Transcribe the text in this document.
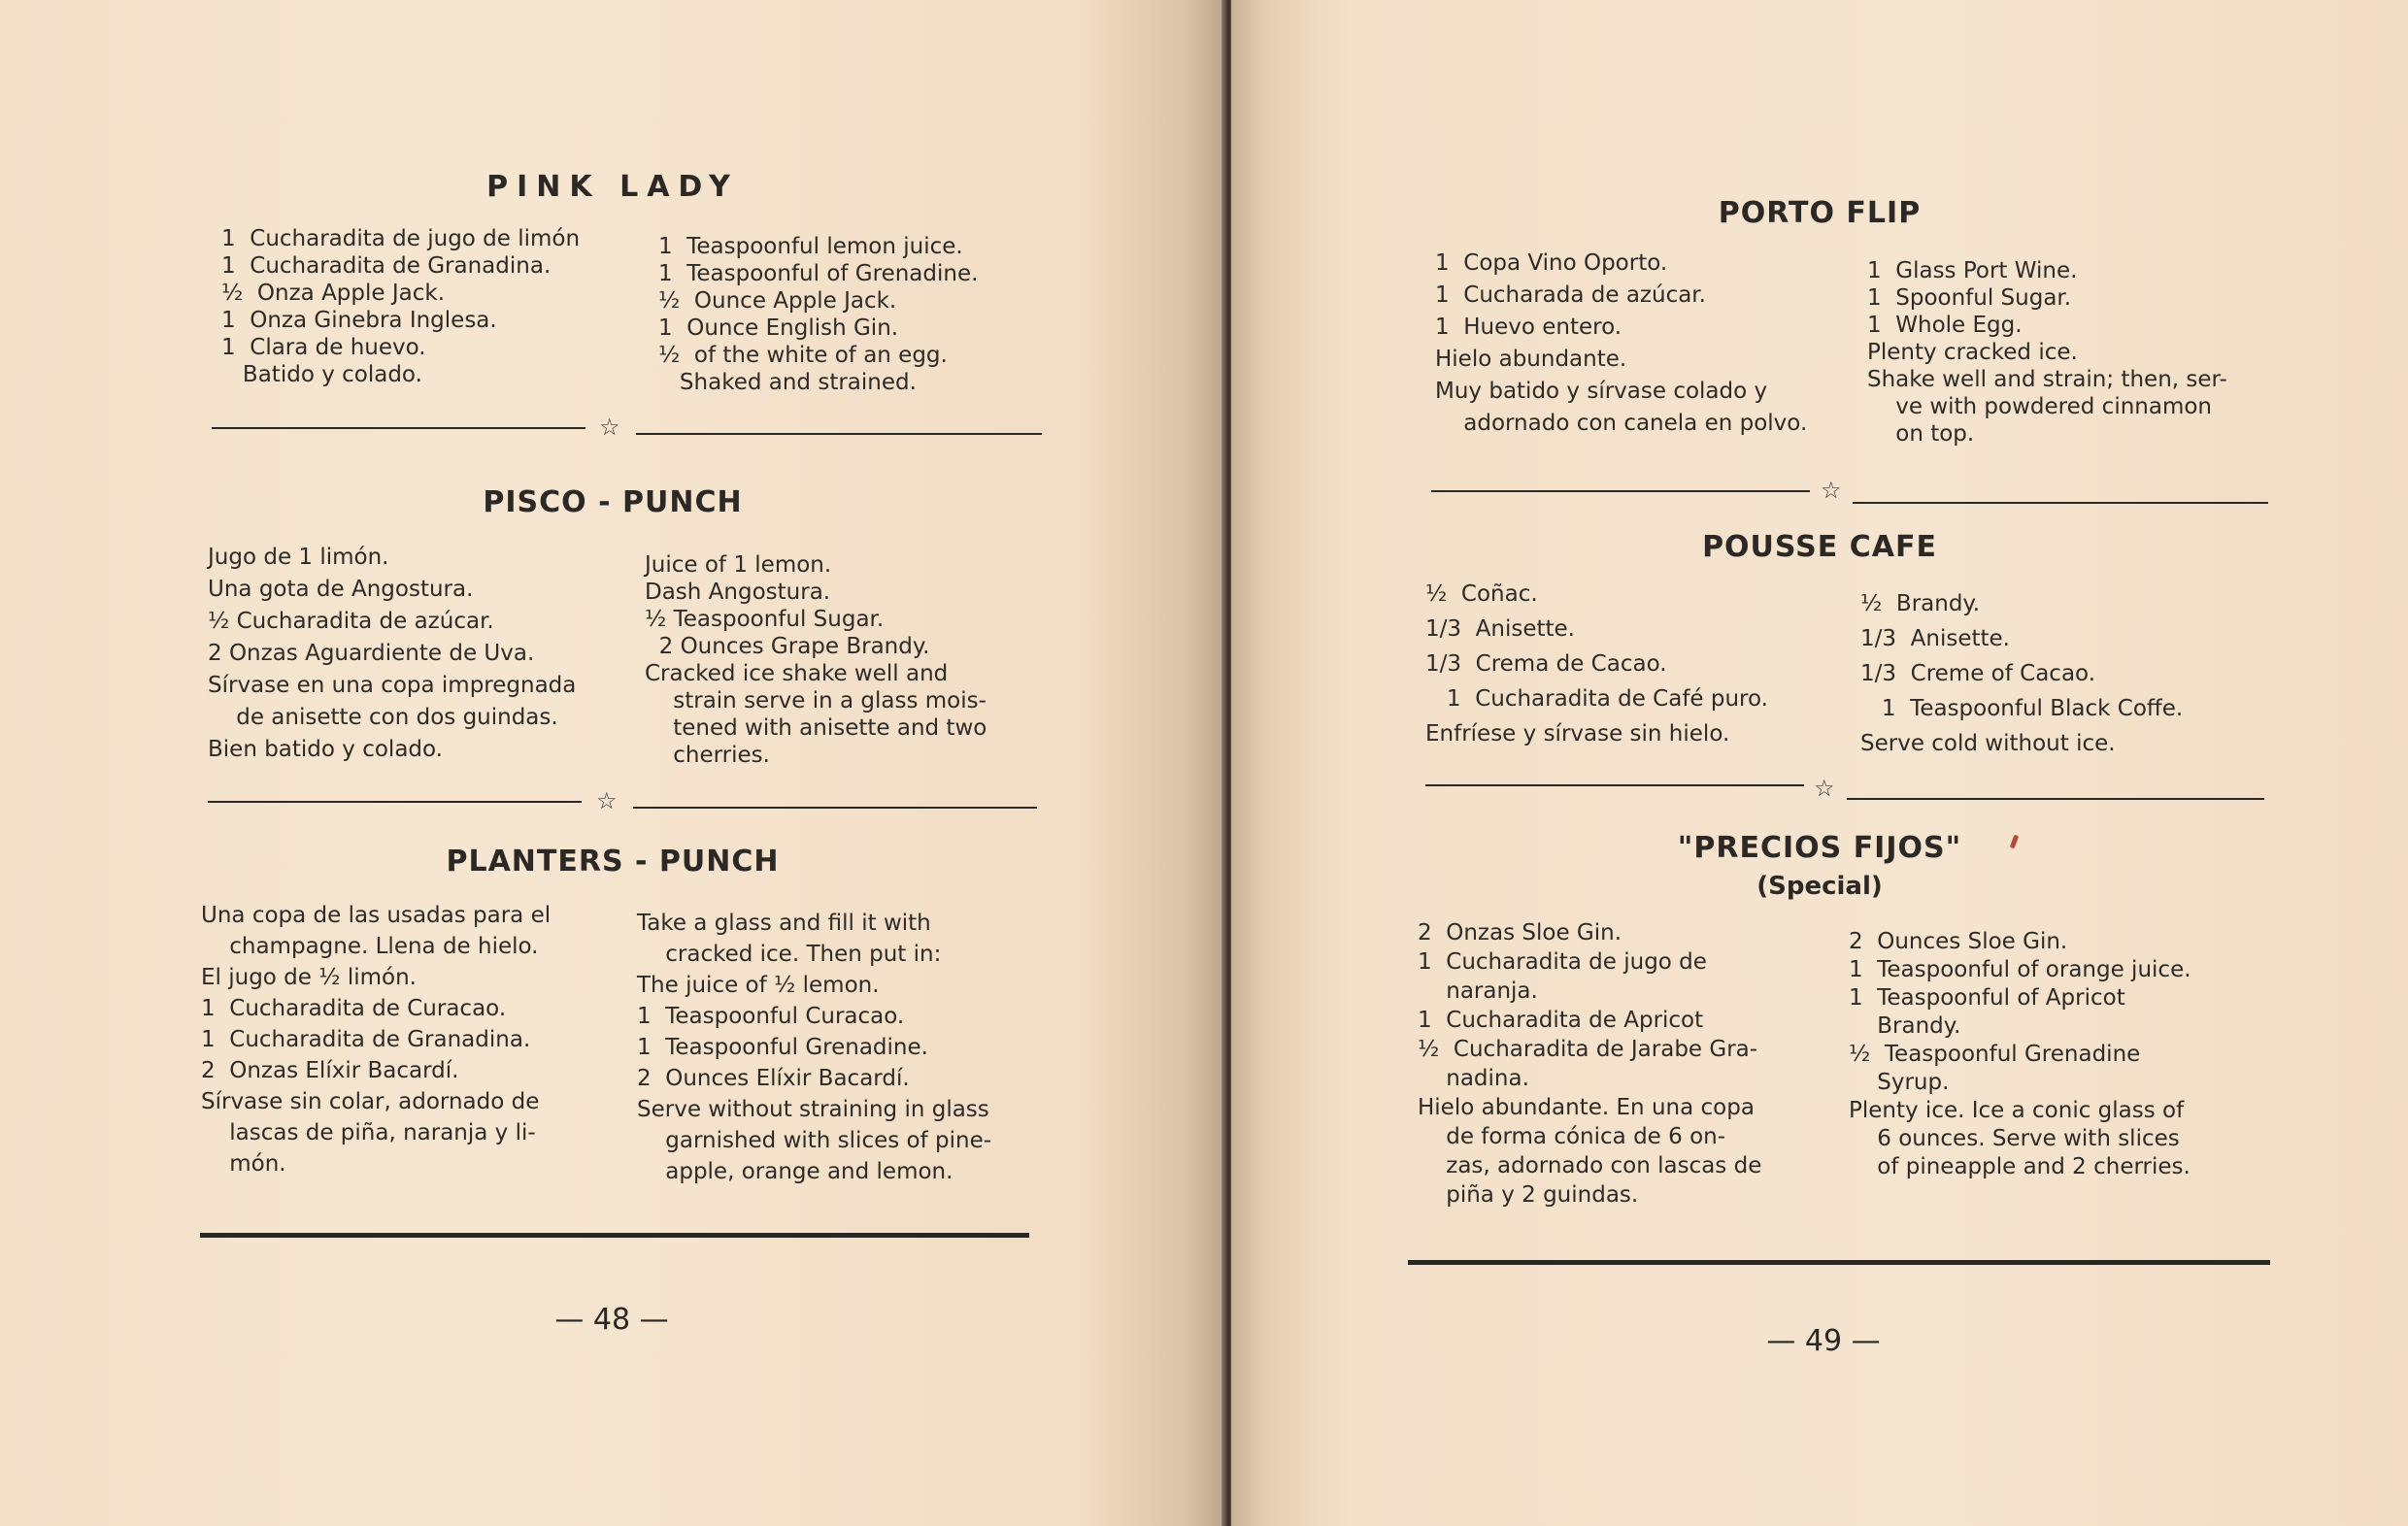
PINK LADY
1  Cucharadita de jugo de limón
1  Cucharadita de Granadina.
½  Onza Apple Jack.
1  Onza Ginebra Inglesa.
1  Clara de huevo.
Batido y colado.
1  Teaspoonful lemon juice.
1  Teaspoonful of Grenadine.
½  Ounce Apple Jack.
1  Ounce English Gin.
½  of the white of an egg.
Shaked and strained.
☆
PISCO - PUNCH
Jugo de 1 limón.
Una gota de Angostura.
½ Cucharadita de azúcar.
2 Onzas Aguardiente de Uva.
Sírvase en una copa impregnada
de anisette con dos guindas.
Bien batido y colado.
Juice of 1 lemon.
Dash Angostura.
½ Teaspoonful Sugar.
2 Ounces Grape Brandy.
Cracked ice shake well and
strain serve in a glass mois-
tened with anisette and two
cherries.
☆
PLANTERS - PUNCH
Una copa de las usadas para el
champagne. Llena de hielo.
El jugo de ½ limón.
1  Cucharadita de Curacao.
1  Cucharadita de Granadina.
2  Onzas Elíxir Bacardí.
Sírvase sin colar, adornado de
lascas de piña, naranja y li-
món.
Take a glass and fill it with
cracked ice. Then put in:
The juice of ½ lemon.
1  Teaspoonful Curacao.
1  Teaspoonful Grenadine.
2  Ounces Elíxir Bacardí.
Serve without straining in glass
garnished with slices of pine-
apple, orange and lemon.
— 48 —
PORTO FLIP
1  Copa Vino Oporto.
1  Cucharada de azúcar.
1  Huevo entero.
Hielo abundante.
Muy batido y sírvase colado y
adornado con canela en polvo.
1  Glass Port Wine.
1  Spoonful Sugar.
1  Whole Egg.
Plenty cracked ice.
Shake well and strain; then, ser-
ve with powdered cinnamon
on top.
☆
POUSSE CAFE
½  Coñac.
1/3  Anisette.
1/3  Crema de Cacao.
1  Cucharadita de Café puro.
Enfríese y sírvase sin hielo.
½  Brandy.
1/3  Anisette.
1/3  Creme of Cacao.
1  Teaspoonful Black Coffe.
Serve cold without ice.
☆
"PRECIOS FIJOS"
(Special)
2  Onzas Sloe Gin.
1  Cucharadita de jugo de
naranja.
1  Cucharadita de Apricot
½  Cucharadita de Jarabe Gra-
nadina.
Hielo abundante. En una copa
de forma cónica de 6 on-
zas, adornado con lascas de
piña y 2 guindas.
2  Ounces Sloe Gin.
1  Teaspoonful of orange juice.
1  Teaspoonful of Apricot
Brandy.
½  Teaspoonful Grenadine
Syrup.
Plenty ice. Ice a conic glass of
6 ounces. Serve with slices
of pineapple and 2 cherries.
— 49 —
